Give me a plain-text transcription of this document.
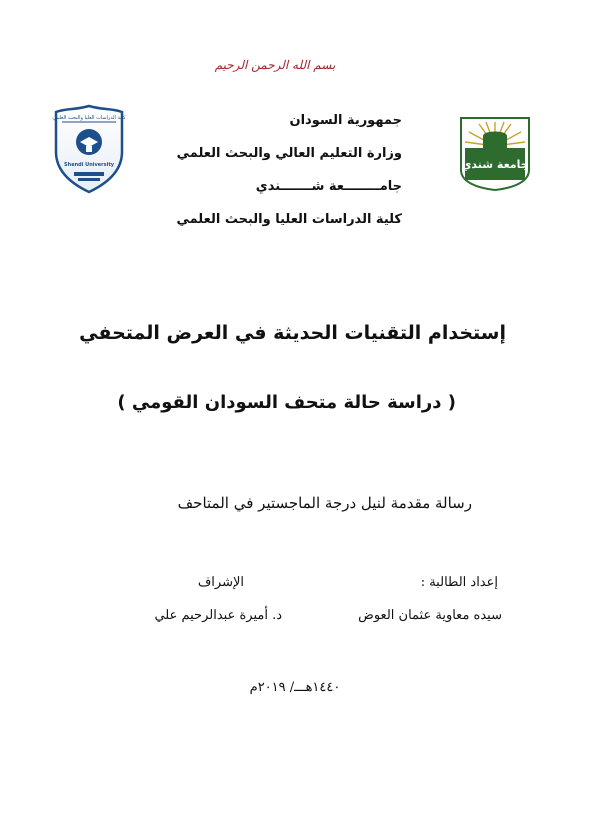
بسم الله الرحمن الرحيم
جمهورية السودان
وزارة التعليم العالي والبحث العلمي
جامــــــــعة شـــــــندي
كلية الدراسات العليا والبحث العلمي
كلية الدراسات العليا والبحث العلمي
Shendi University	جامعة شندي
إستخدام التقنيات الحديثة في العرض المتحفي
( دراسة حالة متحف السودان القومي )
رسالة مقدمة لنيل درجة الماجستير في المتاحف
إعداد الطالبة :
الإشراف
سيده معاوية عثمان العوض
د. أميرة عبدالرحيم علي
١٤٤٠هـــ/ ٢٠١٩م
